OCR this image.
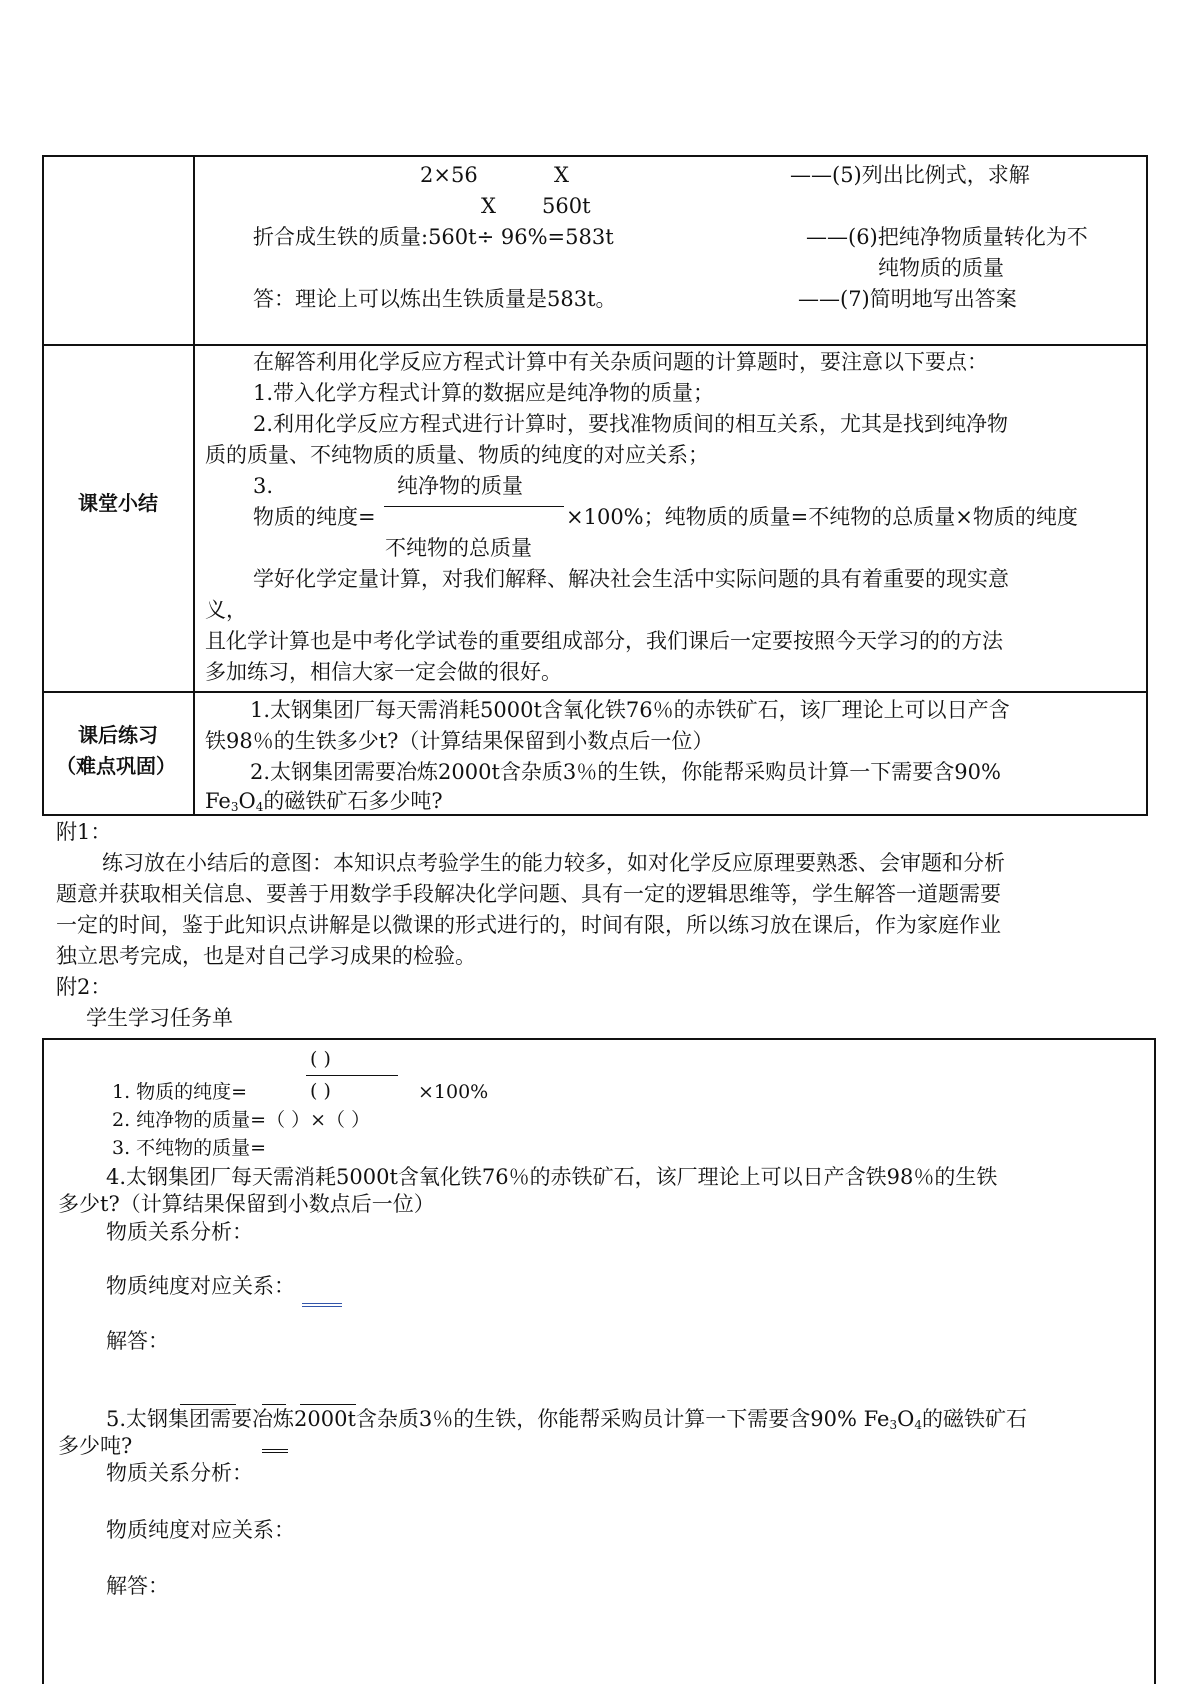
2×56	X	——(5)列出比例式，求解
X 560t
折合成生铁的质量:560t÷ 96%=583t	——(6)把纯净物质量转化为不
纯物质的质量
答：理论上可以炼出生铁质量是583t。	——(7)简明地写出答案
课堂小结
在解答利用化学反应方程式计算中有关杂质问题的计算题时，要注意以下要点：
1.带入化学方程式计算的数据应是纯净物的质量；
2.利用化学反应方程式进行计算时，要找准物质间的相互关系，尤其是找到纯净物
质的质量、不纯物质的质量、物质的纯度的对应关系；
3.	纯净物的质量
物质的纯度=	×100%；纯物质的质量=不纯物的总质量×物质的纯度
不纯物的总质量
学好化学定量计算，对我们解释、解决社会生活中实际问题的具有着重要的现实意
义，
且化学计算也是中考化学试卷的重要组成部分，我们课后一定要按照今天学习的的方法
多加练习，相信大家一定会做的很好。
课后练习
（难点巩固）
1.太钢集团厂每天需消耗5000t含氧化铁76％的赤铁矿石，该厂理论上可以日产含
铁98％的生铁多少t?（计算结果保留到小数点后一位）
2.太钢集团需要冶炼2000t含杂质3％的生铁，你能帮采购员计算一下需要含90%
$Fe_3O_4$的磁铁矿石多少吨?
附1：
练习放在小结后的意图：本知识点考验学生的能力较多，如对化学反应原理要熟悉、会审题和分析
题意并获取相关信息、要善于用数学手段解决化学问题、具有一定的逻辑思维等，学生解答一道题需要
一定的时间，鉴于此知识点讲解是以微课的形式进行的，时间有限，所以练习放在课后，作为家庭作业
独立思考完成，也是对自己学习成果的检验。
附2：
学生学习任务单
( )
1. 物质的纯度=	( )	×100%
2. 纯净物的质量=（ ）×（ ）
3. 不纯物的质量=
4.太钢集团厂每天需消耗5000t含氧化铁76％的赤铁矿石，该厂理论上可以日产含铁98％的生铁
多少t?（计算结果保留到小数点后一位）
物质关系分析：
物质纯度对应关系：
解答：
5.太钢集团需要冶炼2000t含杂质3％的生铁，你能帮采购员计算一下需要含90% $Fe_3O_4$的磁铁矿石
多少吨?
物质关系分析：
物质纯度对应关系：
解答：
